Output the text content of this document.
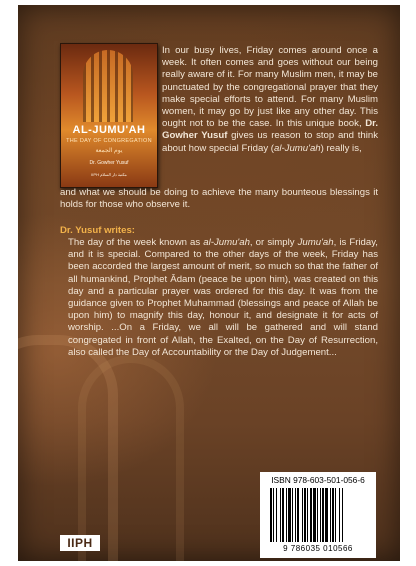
AL-JUMU'AH
THE DAY OF CONGREGATION
يوم الجمعة
Dr. Gowher Yusuf
IIPH مكتبة دار السلام
In our busy lives, Friday comes around once a week. It often comes and goes without our being really aware of it. For many Muslim men, it may be punctuated by the congregational prayer that they make special efforts to attend. For many Muslim women, it may go by just like any other day. This ought not to be the case. In this unique book, Dr. Gowher Yusuf gives us reason to stop and think about how special Friday (al-Jumu'ah) really is,
and what we should be doing to achieve the many bounteous blessings it holds for those who observe it.
Dr. Yusuf writes:
The day of the week known as al-Jumu'ah, or simply Jumu'ah, is Friday, and it is special. Compared to the other days of the week, Friday has been accorded the largest amount of merit, so much so that the father of all humankind, Prophet Âdam (peace be upon him), was created on this day and a particular prayer was ordered for this day. It was from the guidance given to Prophet Muhammad (blessings and peace of Allah be upon him) to magnify this day, honour it, and designate it for acts of worship. ...On a Friday, we all will be gathered and will stand congregated in front of Allah, the Exalted, on the Day of Resurrection, also called the Day of Accountability or the Day of Judgement...
ISBN 978-603-501-056-6
9 786035 010566
IIPH
